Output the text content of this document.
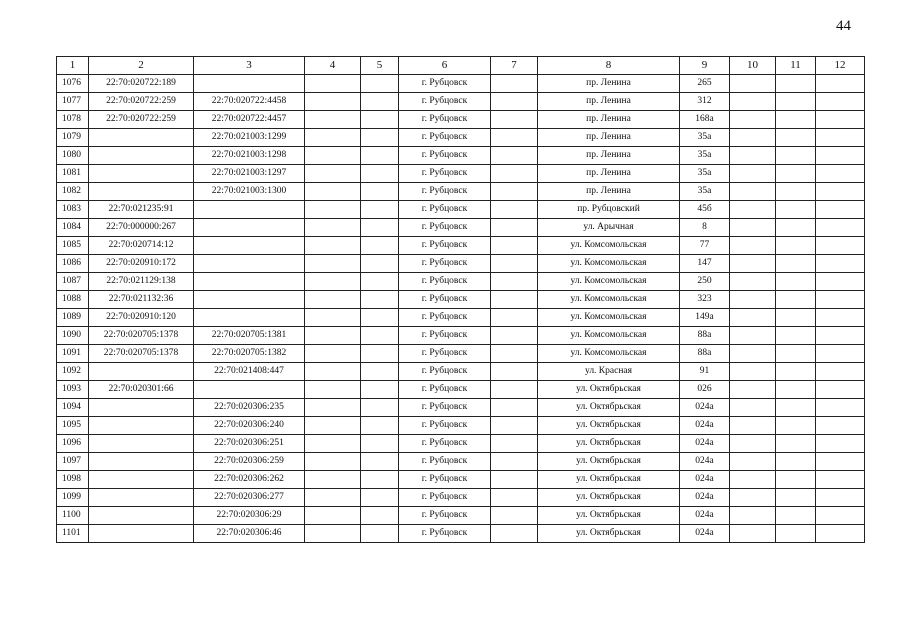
44
1	2	3	4	5	6	7	8	9	10	11	12
1076	22:70:020722:189				г. Рубцовск		пр. Ленина	265			
1077	22:70:020722:259	22:70:020722:4458			г. Рубцовск		пр. Ленина	312			
1078	22:70:020722:259	22:70:020722:4457			г. Рубцовск		пр. Ленина	168а			
1079		22:70:021003:1299			г. Рубцовск		пр. Ленина	35а			
1080		22:70:021003:1298			г. Рубцовск		пр. Ленина	35а			
1081		22:70:021003:1297			г. Рубцовск		пр. Ленина	35а			
1082		22:70:021003:1300			г. Рубцовск		пр. Ленина	35а			
1083	22:70:021235:91				г. Рубцовск		пр. Рубцовский	45б			
1084	22:70:000000:267				г. Рубцовск		ул. Арычная	8			
1085	22:70:020714:12				г. Рубцовск		ул. Комсомольская	77			
1086	22:70:020910:172				г. Рубцовск		ул. Комсомольская	147			
1087	22:70:021129:138				г. Рубцовск		ул. Комсомольская	250			
1088	22:70:021132:36				г. Рубцовск		ул. Комсомольская	323			
1089	22:70:020910:120				г. Рубцовск		ул. Комсомольская	149а			
1090	22:70:020705:1378	22:70:020705:1381			г. Рубцовск		ул. Комсомольская	88а			
1091	22:70:020705:1378	22:70:020705:1382			г. Рубцовск		ул. Комсомольская	88а			
1092		22:70:021408:447			г. Рубцовск		ул. Красная	91			
1093	22:70:020301:66				г. Рубцовск		ул. Октябрьская	026			
1094		22:70:020306:235			г. Рубцовск		ул. Октябрьская	024а			
1095		22:70:020306:240			г. Рубцовск		ул. Октябрьская	024а			
1096		22:70:020306:251			г. Рубцовск		ул. Октябрьская	024а			
1097		22:70:020306:259			г. Рубцовск		ул. Октябрьская	024а			
1098		22:70:020306:262			г. Рубцовск		ул. Октябрьская	024а			
1099		22:70:020306:277			г. Рубцовск		ул. Октябрьская	024а			
1100		22:70:020306:29			г. Рубцовск		ул. Октябрьская	024а			
1101		22:70:020306:46			г. Рубцовск		ул. Октябрьская	024а			
